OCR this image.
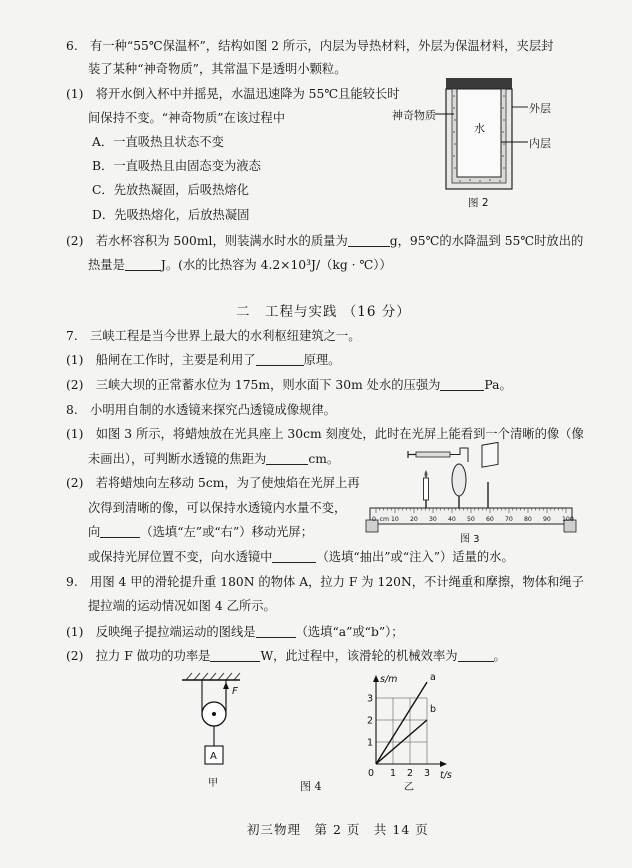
6.　有一种“55℃保温杯”，结构如图 2 所示，内层为导热材料，外层为保温材料，夹层封
装了某种“神奇物质”，其常温下是透明小颗粒。
(1)　将开水倒入杯中并摇晃，水温迅速降为 55℃且能较长时
间保持不变。“神奇物质”在该过程中
A．一直吸热且状态不变
B．一直吸热且由固态变为液态
C．先放热凝固，后吸热熔化
D．先吸热熔化，后放热凝固
(2)　若水杯容积为 500ml，则装满水时水的质量为	g，95℃的水降温到 55℃时放出的
热量是	J。(水的比热容为 4.2×10³J/（kg · ℃））
水
图 2
神奇物质
外层
内层
二　工程与实践 （16 分）
7.　三峡工程是当今世界上最大的水利枢纽建筑之一。
(1)　船闸在工作时，主要是利用了	原理。
(2)　三峡大坝的正常蓄水位为 175m，则水面下 30m 处水的压强为	Pa。
8.　小明用自制的水透镜来探究凸透镜成像规律。
(1)　如图 3 所示，将蜡烛放在光具座上 30cm 刻度处，此时在光屏上能看到一个清晰的像（像
未画出），可判断水透镜的焦距为	cm。
(2)　若将蜡烛向左移动 5cm，为了使烛焰在光屏上再
次得到清晰的像，可以保持水透镜内水量不变，
向	（选填“左”或“右”）移动光屏；
或保持光屏位置不变，向水透镜中	（选填“抽出”或“注入”）适量的水。
0 cm 10 20 30 40 50 60 70 80 90 100
图 3
9.　用图 4 甲的滑轮提升重 180N 的物体 A，拉力 F 为 120N，不计绳重和摩擦，物体和绳子
提拉端的运动情况如图 4 乙所示。
(1)　反映绳子提拉端运动的图线是	（选填“a”或“b”）；
(2)　拉力 F 做功的功率是	W，此过程中，该滑轮的机械效率为	。
F
A
甲
s/m
t/s
1
2
3
0 1 2 3
a
b
乙
图 4
初三物理　第 2 页　共 14 页
